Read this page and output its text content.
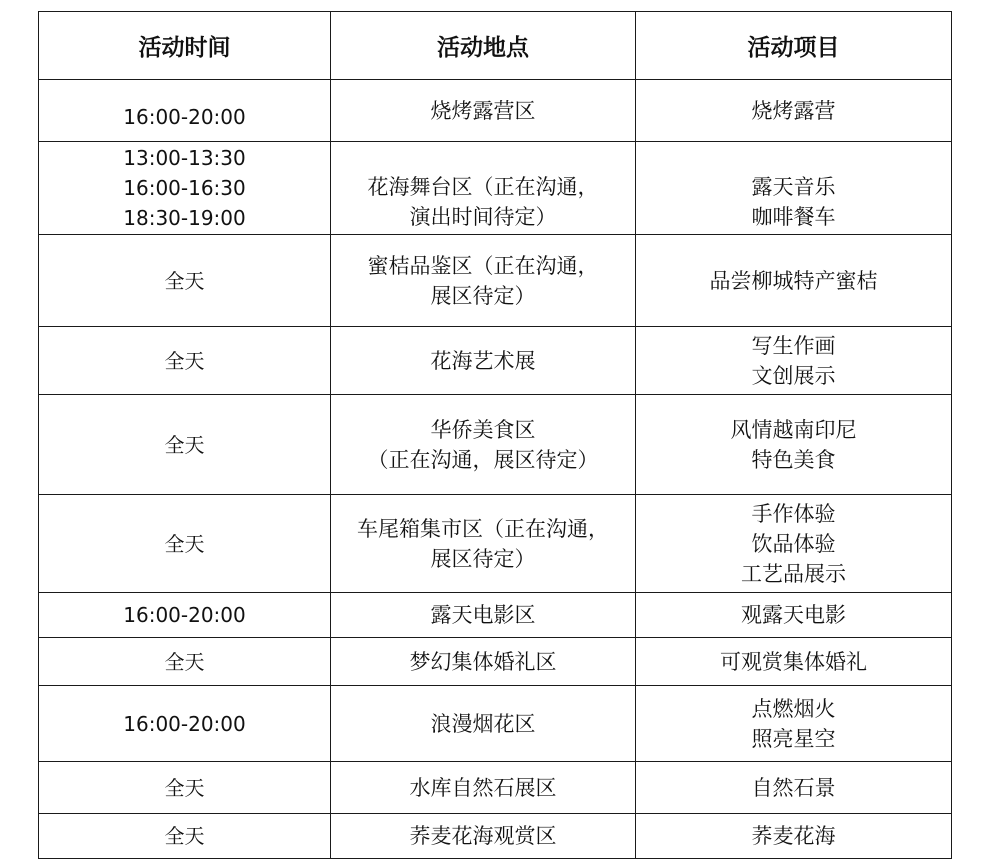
活动时间	活动地点	活动项目

16:00-20:00	烧烤露营区	烧烤露营

13:00-13:30
16:00-16:30
18:30-19:00	花海舞台区（正在沟通，
演出时间待定）	露天音乐
咖啡餐车

全天	蜜桔品鉴区（正在沟通，
展区待定）	品尝柳城特产蜜桔

全天	花海艺术展	写生作画
文创展示

全天	华侨美食区
（正在沟通，展区待定）	风情越南印尼
特色美食

全天	车尾箱集市区（正在沟通，
展区待定）	手作体验
饮品体验
工艺品展示

16:00-20:00	露天电影区	观露天电影

全天	梦幻集体婚礼区	可观赏集体婚礼

16:00-20:00	浪漫烟花区	点燃烟火
照亮星空

全天	水库自然石展区	自然石景

全天	荞麦花海观赏区	荞麦花海
